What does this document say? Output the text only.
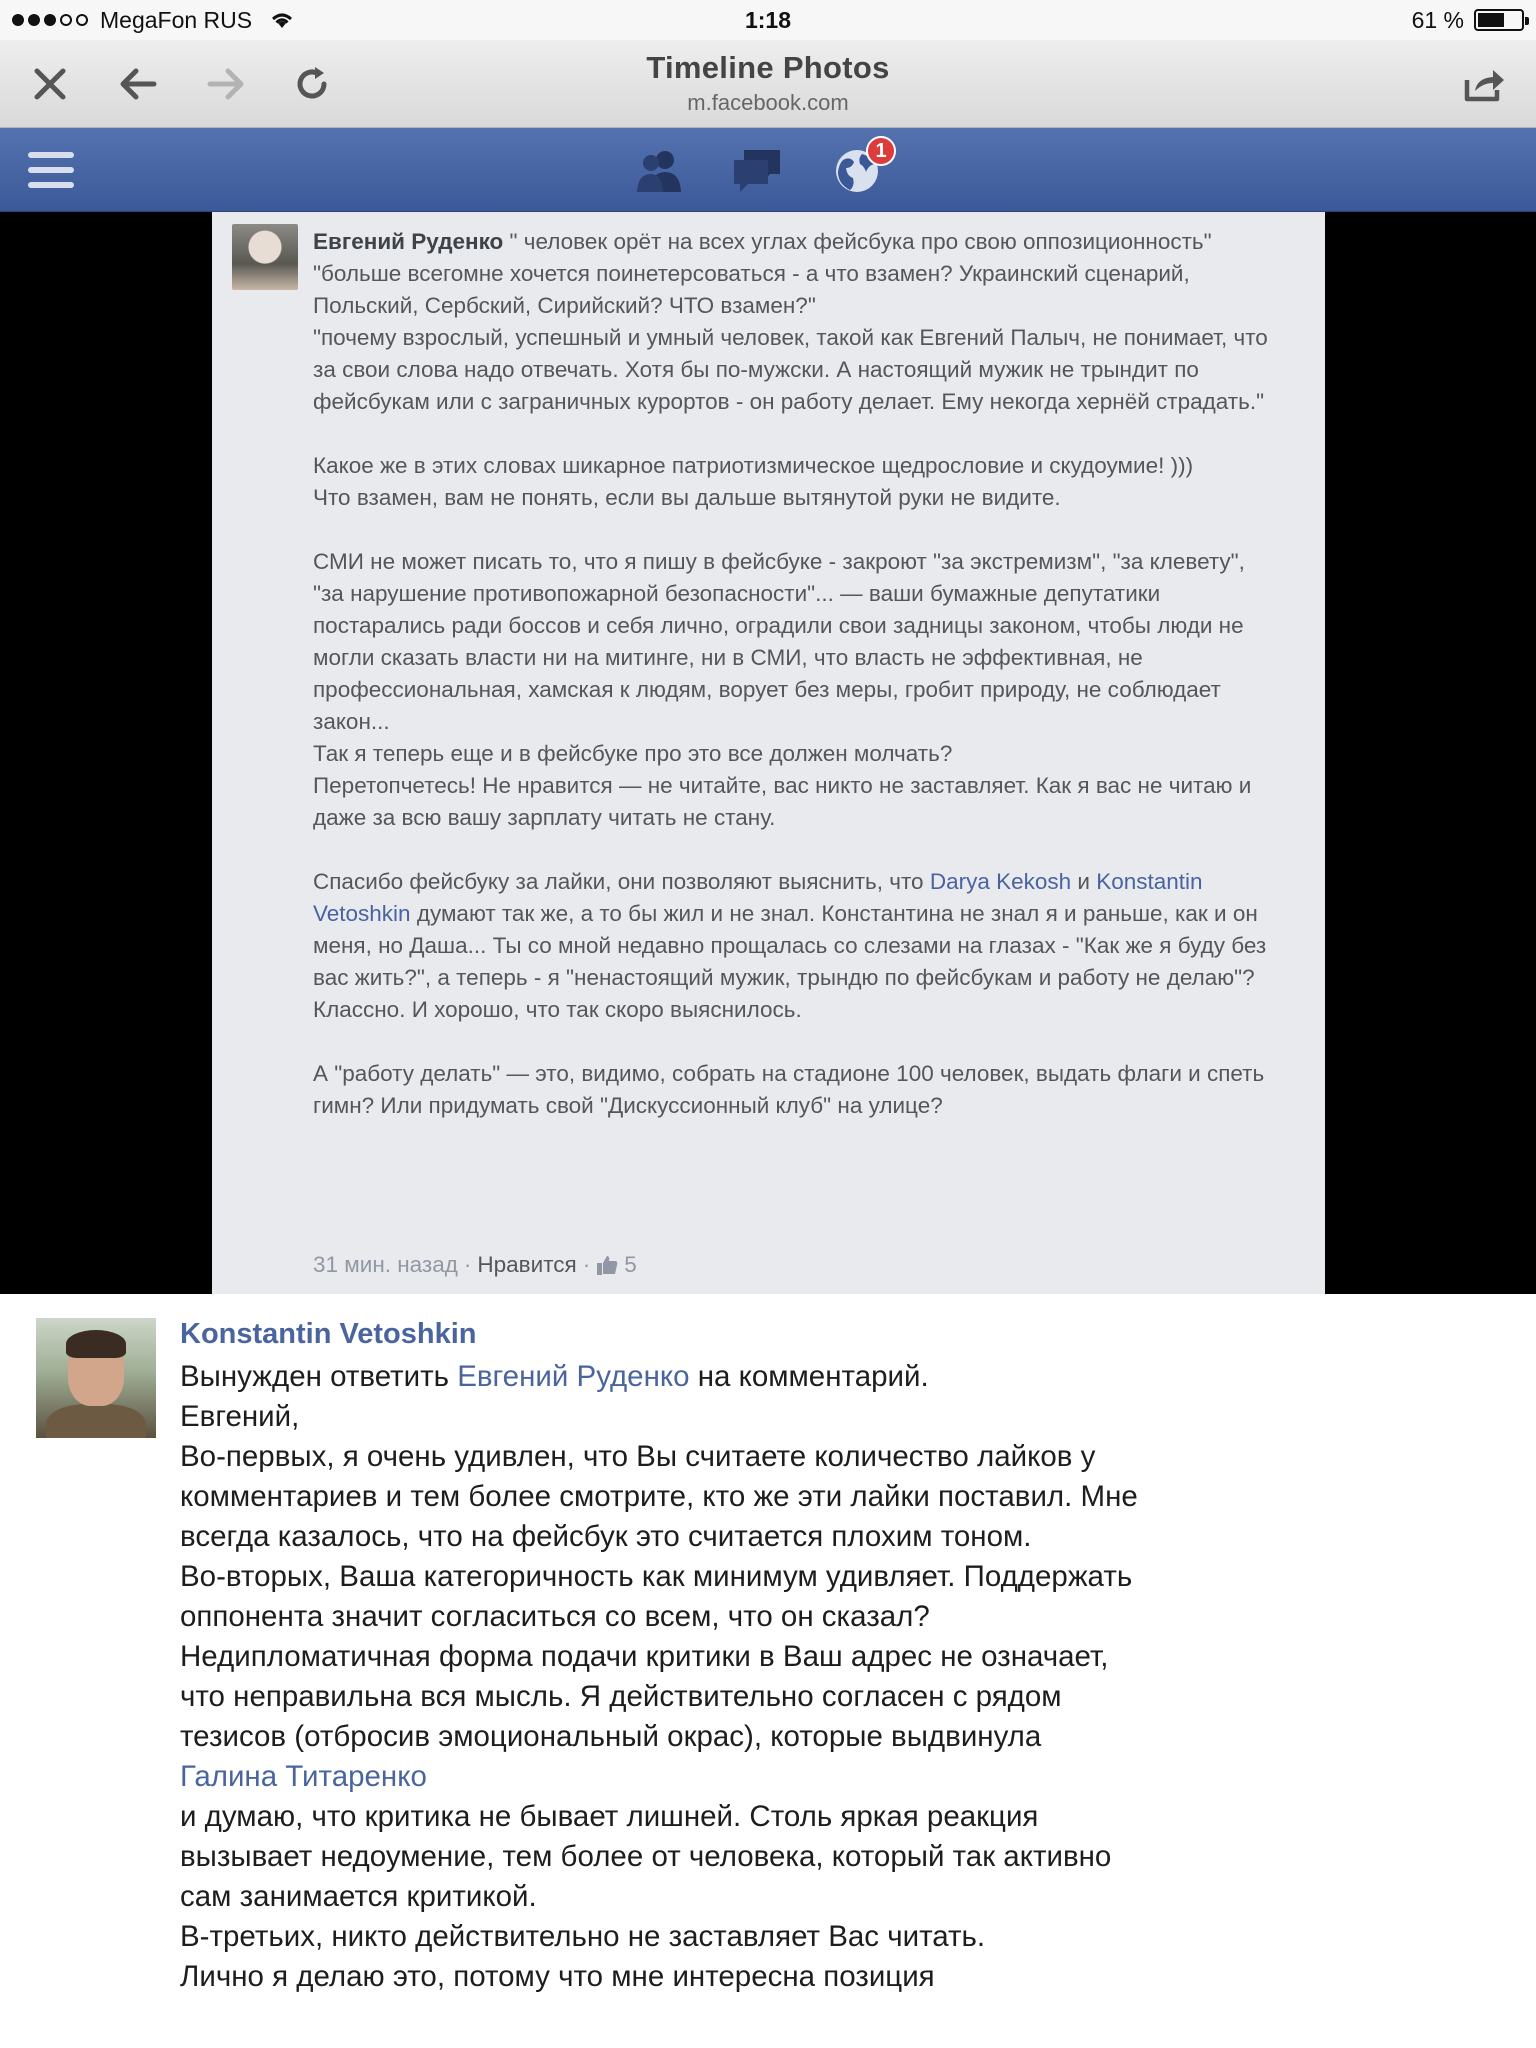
MegaFon RUS	1:18	61 %
Timeline Photos
m.facebook.com
1
Евгений Руденко " человек орёт на всех углах фейсбука про свою оппозиционность"
"больше всегомне хочется поинетерсоваться - а что взамен? Украинский сценарий, Польский, Сербский, Сирийский? ЧТО взамен?"
"почему взрослый, успешный и умный человек, такой как Евгений Палыч, не понимает, что за свои слова надо отвечать. Хотя бы по-мужски. А настоящий мужик не трындит по фейсбукам или с заграничных курортов - он работу делает. Ему некогда хернёй страдать."

Какое же в этих словах шикарное патриотизмическое щедрословие и скудоумие! )))
Что взамен, вам не понять, если вы дальше вытянутой руки не видите.

СМИ не может писать то, что я пишу в фейсбуке - закроют "за экстремизм", "за клевету", "за нарушение противопожарной безопасности"... — ваши бумажные депутатики постарались ради боссов и себя лично, оградили свои задницы законом, чтобы люди не могли сказать власти ни на митинге, ни в СМИ, что власть не эффективная, не профессиональная, хамская к людям, ворует без меры, гробит природу, не соблюдает закон...
Так я теперь еще и в фейсбуке про это все должен молчать?
Перетопчетесь! Не нравится — не читайте, вас никто не заставляет. Как я вас не читаю и даже за всю вашу зарплату читать не стану.

Спасибо фейсбуку за лайки, они позволяют выяснить, что Darya Kekosh и Konstantin Vetoshkin думают так же, а то бы жил и не знал. Константина не знал я и раньше, как и он меня, но Даша... Ты со мной недавно прощалась со слезами на глазах - "Как же я буду без вас жить?", а теперь - я "ненастоящий мужик, трындю по фейсбукам и работу не делаю"? Классно. И хорошо, что так скоро выяснилось.

А "работу делать" — это, видимо, собрать на стадионе 100 человек, выдать флаги и спеть гимн? Или придумать свой "Дискуссионный клуб" на улице?
31 мин. назад · Нравится · 5
Konstantin Vetoshkin
Вынужден ответить Евгений Руденко на комментарий.
Евгений,
Во-первых, я очень удивлен, что Вы считаете количество лайков у комментариев и тем более смотрите, кто же эти лайки поставил. Мне всегда казалось, что на фейсбук это считается плохим тоном.
Во-вторых, Ваша категоричность как минимум удивляет. Поддержать оппонента значит согласиться со всем, что он сказал? Недипломатичная форма подачи критики в Ваш адрес не означает, что неправильна вся мысль. Я действительно согласен с рядом тезисов (отбросив эмоциональный окрас), которые выдвинула Галина Титаренко
и думаю, что критика не бывает лишней. Столь яркая реакция вызывает недоумение, тем более от человека, который так активно сам занимается критикой.
В-третьих, никто действительно не заставляет Вас читать.
Лично я делаю это, потому что мне интересна позиция
